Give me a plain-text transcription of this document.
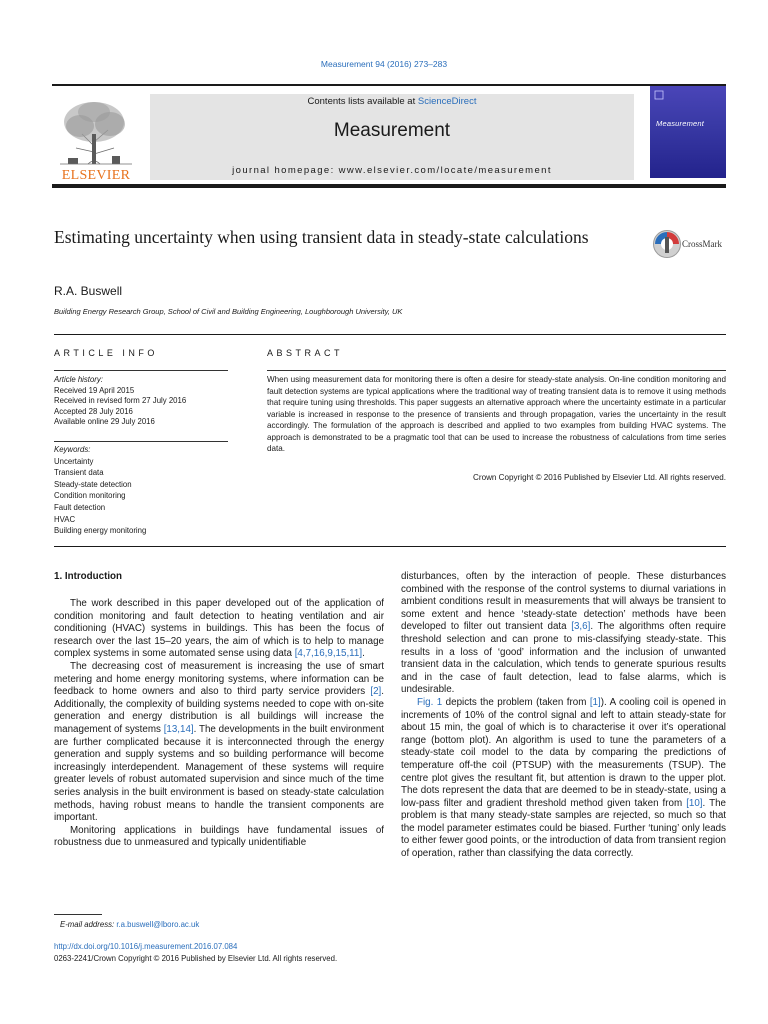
Measurement 94 (2016) 273–283
ELSEVIER
Contents lists available at ScienceDirect
Measurement
journal homepage: www.elsevier.com/locate/measurement
Measurement
Estimating uncertainty when using transient data in steady-state calculations	CrossMark
R.A. Buswell
Building Energy Research Group, School of Civil and Building Engineering, Loughborough University, UK
ARTICLE INFO
Article history:
Received 19 April 2015
Received in revised form 27 July 2016
Accepted 28 July 2016
Available online 29 July 2016
Keywords:
Uncertainty
Transient data
Steady-state detection
Condition monitoring
Fault detection
HVAC
Building energy monitoring
ABSTRACT
When using measurement data for monitoring there is often a desire for steady-state analysis. On-line condition monitoring and fault detection systems are typical applications where the traditional way of treating transient data is to remove it using methods that require tuning using thresholds. This paper suggests an alternative approach where the uncertainty estimate in a particular variable is increased in response to the presence of transients and through propagation, varies the uncertainty in the result accordingly. The formulation of the approach is described and applied to two examples from building HVAC systems. The approach is demonstrated to be a pragmatic tool that can be used to increase the robustness of calculations from time series data.
Crown Copyright © 2016 Published by Elsevier Ltd. All rights reserved.
1. Introduction

The work described in this paper developed out of the application of condition monitoring and fault detection to heating ventilation and air conditioning (HVAC) systems in buildings. This has been the focus of research over the last 15–20 years, the aim of which is to help to manage complex systems in some automated sense using data [4,7,16,9,15,11].

The decreasing cost of measurement is increasing the use of smart metering and home energy monitoring systems, where information can be feedback to home owners and also to third party service providers [2]. Additionally, the complexity of building systems needed to cope with on-site generation and energy distribution is all buildings will increase the management of systems [13,14]. The developments in the built environment are further complicated because it is interconnected through the energy generation and supply systems and so building performance will become increasingly interdependent. Management of these systems will require greater levels of robust automated supervision and since much of the time series analysis in the built environment is based on steady-state calculation methods, having robust means to handle the transient components are important.

Monitoring applications in buildings have fundamental issues of robustness due to unmeasured and typically unidentifiable

disturbances, often by the interaction of people. These disturbances combined with the response of the control systems to diurnal variations in ambient conditions result in measurements that will always be transient to some extent and hence ‘steady-state detection’ methods have been developed to filter out transient data [3,6]. The algorithms often require threshold selection and can prone to mis-classifying steady-state. This results in a loss of ‘good’ information and the inclusion of unwanted transient data in the calculation, which tends to generate spurious results and in the case of fault detection, lead to false alarms, which is undesirable.

Fig. 1 depicts the problem (taken from [1]). A cooling coil is opened in increments of 10% of the control signal and left to attain steady-state for about 15 min, the goal of which is to characterise it over it’s operational range (bottom plot). An algorithm is used to tune the parameters of a steady-state coil model to the data by comparing the predictions of temperature off-the coil (PTSUP) with the measurements (TSUP). The centre plot gives the resultant fit, but attention is drawn to the upper plot. The dots represent the data that are deemed to be in steady-state, using a low-pass filter and gradient threshold method given taken from [10]. The problem is that many steady-state samples are rejected, so much so that the model parameter estimates could be biased. Further ‘tuning’ only leads to either fewer good points, or the introduction of data from transient region of operation, rather than classifying the data correctly.

E-mail address: r.a.buswell@lboro.ac.uk
http://dx.doi.org/10.1016/j.measurement.2016.07.084
0263-2241/Crown Copyright © 2016 Published by Elsevier Ltd. All rights reserved.
